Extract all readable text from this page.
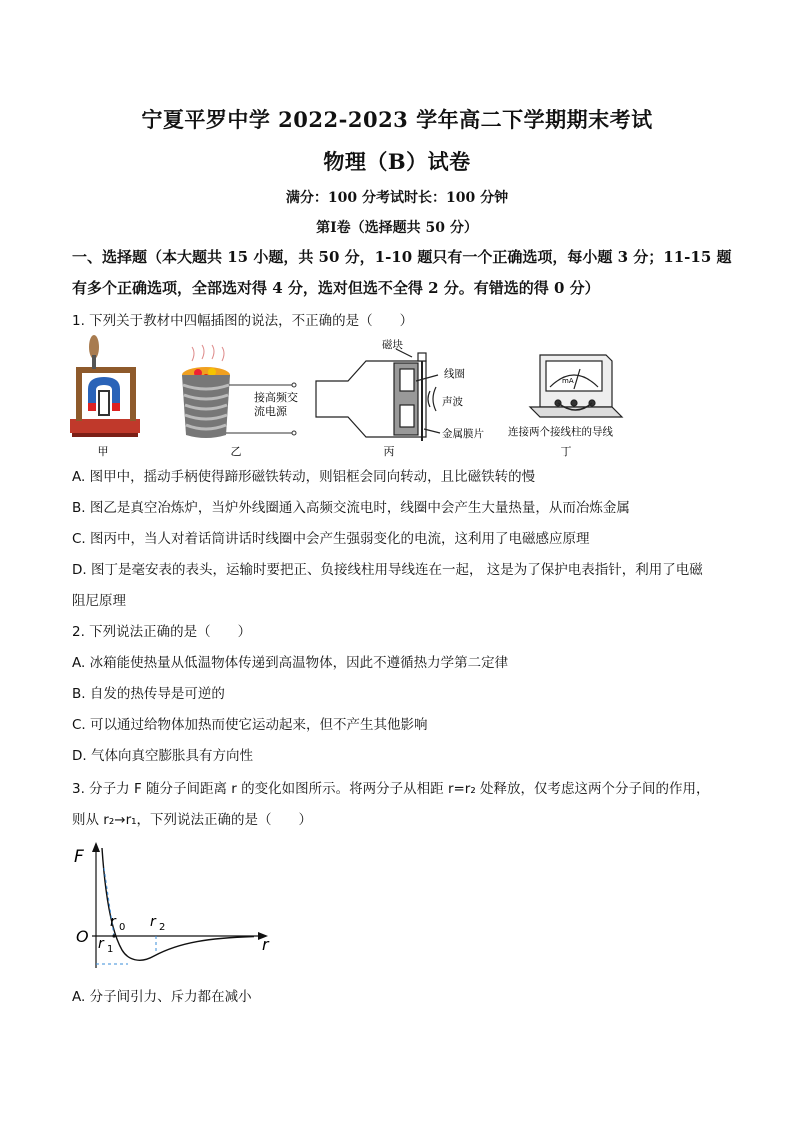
宁夏平罗中学 2022-2023 学年高二下学期期末考试
物理（B）试卷
满分：100 分考试时长：100 分钟
第Ⅰ卷（选择题共 50 分）
一、选择题（本大题共 15 小题，共 50 分，1-10 题只有一个正确选项，每小题 3 分；11-15 题
有多个正确选项，全部选对得 4 分，选对但选不全得 2 分。有错选的得 0 分）
1. 下列关于教材中四幅插图的说法，不正确的是（　　）
甲
接高频交
流电源
乙
磁块
线圈
声波
金属膜片
丙
mA
连接两个接线柱的导线
丁
A. 图甲中，摇动手柄使得蹄形磁铁转动，则铝框会同向转动，且比磁铁转的慢
B. 图乙是真空冶炼炉，当炉外线圈通入高频交流电时，线圈中会产生大量热量，从而冶炼金属
C. 图丙中，当人对着话筒讲话时线圈中会产生强弱变化的电流，这利用了电磁感应原理
D. 图丁是毫安表的表头，运输时要把正、负接线柱用导线连在一起， 这是为了保护电表指针，利用了电磁
阻尼原理
2. 下列说法正确的是（　　）
A. 冰箱能使热量从低温物体传递到高温物体，因此不遵循热力学第二定律
B. 自发的热传导是可逆的
C. 可以通过给物体加热而使它运动起来，但不产生其他影响
D. 气体向真空膨胀具有方向性
3. 分子力 F 随分子间距离 r 的变化如图所示。将两分子从相距 r=r₂ 处释放，仅考虑这两个分子间的作用，
则从 r₂→r₁，下列说法正确的是（　　）
F
r
O
r 0
r 1
r 2
A. 分子间引力、斥力都在减小
